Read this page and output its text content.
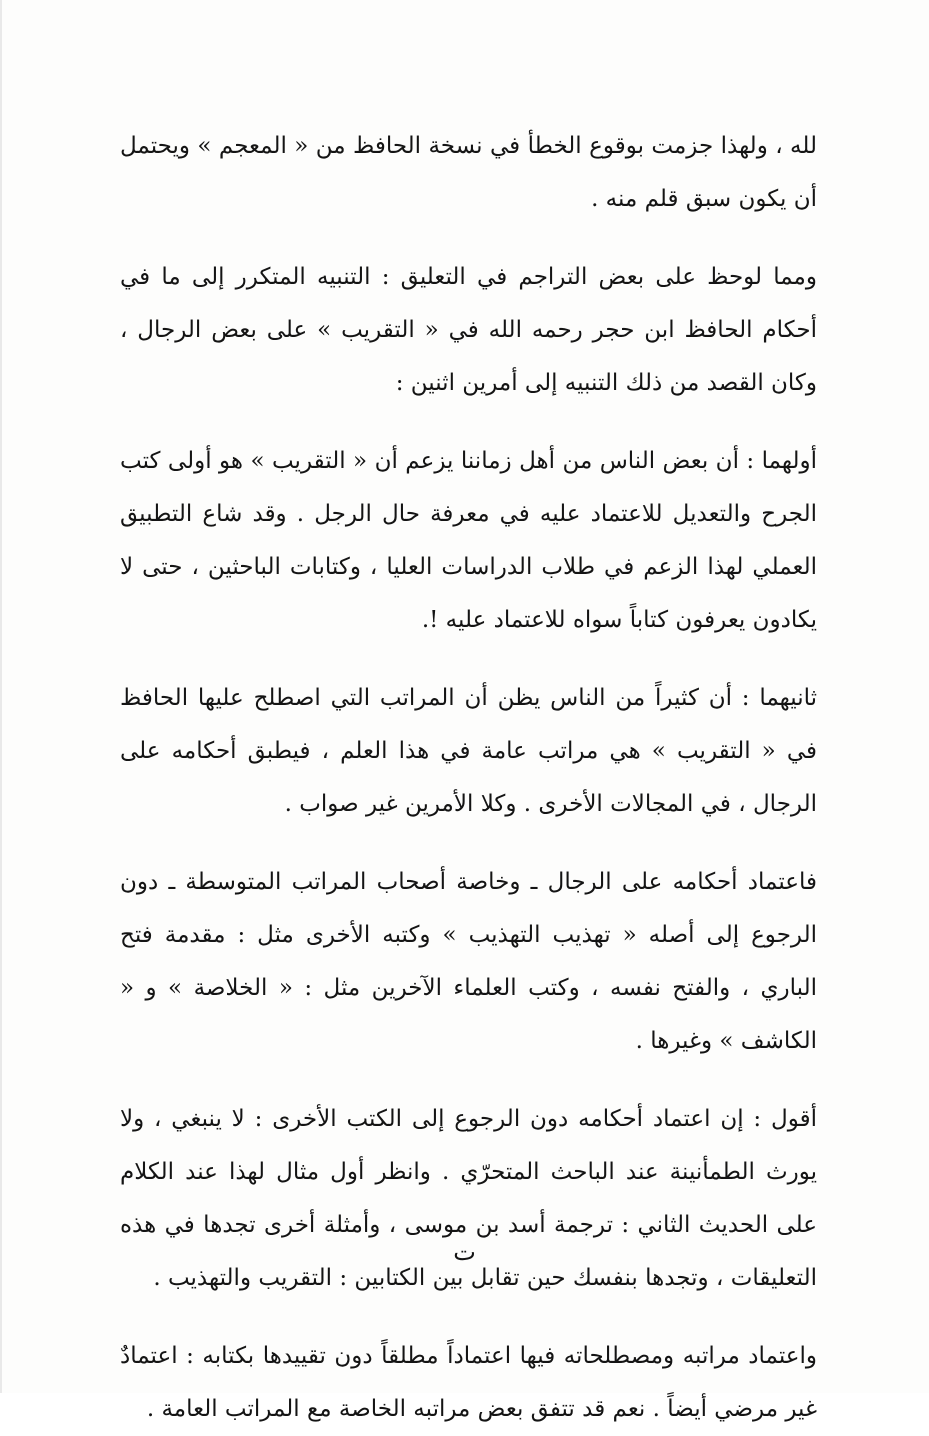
لله ، ولهذا جزمت بوقوع الخطأ في نسخة الحافظ من « المعجم » ويحتمل أن يكون سبق قلم منه .

ومما لوحظ على بعض التراجم في التعليق : التنبيه المتكرر إلى ما في أحكام الحافظ ابن حجر رحمه الله في « التقريب » على بعض الرجال ، وكان القصد من ذلك التنبيه إلى أمرين اثنين :

أولهما : أن بعض الناس من أهل زماننا يزعم أن « التقريب » هو أولى كتب الجرح والتعديل للاعتماد عليه في معرفة حال الرجل . وقد شاع التطبيق العملي لهذا الزعم في طلاب الدراسات العليا ، وكتابات الباحثين ، حتى لا يكادون يعرفون كتاباً سواه للاعتماد عليه !.

ثانيهما : أن كثيراً من الناس يظن أن المراتب التي اصطلح عليها الحافظ في « التقريب » هي مراتب عامة في هذا العلم ، فيطبق أحكامه على الرجال ، في المجالات الأخرى . وكلا الأمرين غير صواب .

فاعتماد أحكامه على الرجال ـ وخاصة أصحاب المراتب المتوسطة ـ دون الرجوع إلى أصله « تهذيب التهذيب » وكتبه الأخرى مثل : مقدمة فتح الباري ، والفتح نفسه ، وكتب العلماء الآخرين مثل : « الخلاصة » و « الكاشف » وغيرها .

أقول : إن اعتماد أحكامه دون الرجوع إلى الكتب الأخرى : لا ينبغي ، ولا يورث الطمأنينة عند الباحث المتحرّي . وانظر أول مثال لهذا عند الكلام على الحديث الثاني : ترجمة أسد بن موسى ، وأمثلة أخرى تجدها في هذه التعليقات ، وتجدها بنفسك حين تقابل بين الكتابين : التقريب والتهذيب .

واعتماد مراتبه ومصطلحاته فيها اعتماداً مطلقاً دون تقييدها بكتابه : اعتمادٌ غير مرضي أيضاً . نعم قد تتفق بعض مراتبه الخاصة مع المراتب العامة .

ت
